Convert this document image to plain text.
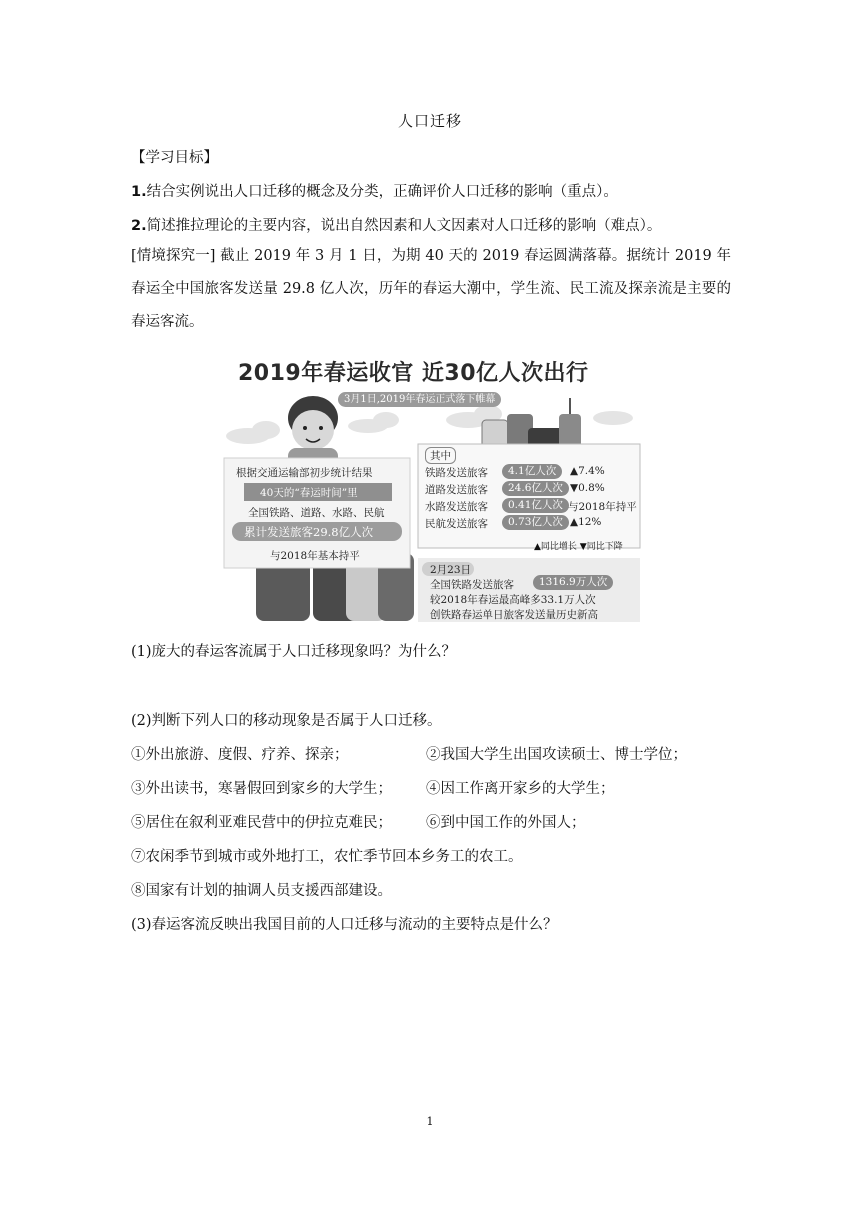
人口迁移
【学习目标】
1.结合实例说出人口迁移的概念及分类，正确评价人口迁移的影响（重点）。
2.简述推拉理论的主要内容，说出自然因素和人文因素对人口迁移的影响（难点）。
[情境探究一] 截止 2019 年 3 月 1 日，为期 40 天的 2019 春运圆满落幕。据统计 2019 年春运全中国旅客发送量 29.8 亿人次，历年的春运大潮中，学生流、民工流及探亲流是主要的春运客流。
2019年春运收官 近30亿人次出行
3月1日,2019年春运正式落下帷幕
根据交通运输部初步统计结果
40天的“春运时间”里
全国铁路、道路、水路、民航
累计发送旅客29.8亿人次
与2018年基本持平
其中
铁路发送旅客	4.1亿人次	▲7.4%
道路发送旅客	24.6亿人次 ▼0.8%
水路发送旅客	0.41亿人次 与2018年持平
民航发送旅客	0.73亿人次 ▲12%
▲同比增长 ▼同比下降
2月23日
全国铁路发送旅客	1316.9万人次
较2018年春运最高峰多33.1万人次
创铁路春运单日旅客发送量历史新高
(1)庞大的春运客流属于人口迁移现象吗？为什么？
(2)判断下列人口的移动现象是否属于人口迁移。
①外出旅游、度假、疗养、探亲；	②我国大学生出国攻读硕士、博士学位；
③外出读书，寒暑假回到家乡的大学生； ④因工作离开家乡的大学生；
⑤居住在叙利亚难民营中的伊拉克难民； ⑥到中国工作的外国人；
⑦农闲季节到城市或外地打工，农忙季节回本乡务工的农工。
⑧国家有计划的抽调人员支援西部建设。
(3)春运客流反映出我国目前的人口迁移与流动的主要特点是什么？
1
